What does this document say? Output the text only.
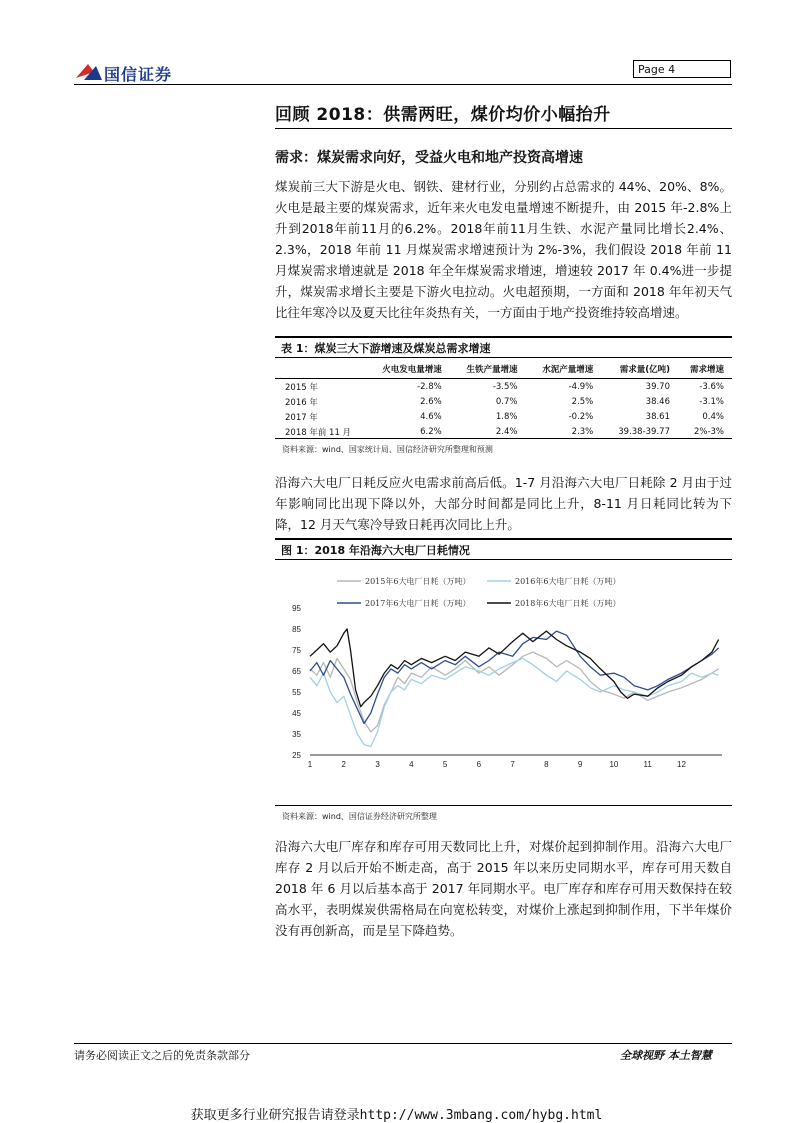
国信证券	Page 4
回顾 2018：供需两旺，煤价均价小幅抬升
需求：煤炭需求向好，受益火电和地产投资高增速
煤炭前三大下游是火电、钢铁、建材行业，分别约占总需求的 44%、20%、8%。火电是最主要的煤炭需求，近年来火电发电量增速不断提升，由 2015 年-2.8%上升到2018年前11月的6.2%。2018年前11月生铁、水泥产量同比增长2.4%、2.3%，2018 年前 11 月煤炭需求增速预计为 2%-3%，我们假设 2018 年前 11 月煤炭需求增速就是 2018 年全年煤炭需求增速，增速较 2017 年 0.4%进一步提升，煤炭需求增长主要是下游火电拉动。火电超预期，一方面和 2018 年年初天气比往年寒冷以及夏天比往年炎热有关，一方面由于地产投资维持较高增速。
表 1：煤炭三大下游增速及煤炭总需求增速
	火电发电量增速	生铁产量增速	水泥产量增速	需求量(亿吨)	需求增速
2015 年	-2.8%	-3.5%	-4.9%	39.70	-3.6%
2016 年	2.6%	0.7%	2.5%	38.46	-3.1%
2017 年	4.6%	1.8%	-0.2%	38.61	0.4%
2018 年前 11 月	6.2%	2.4%	2.3%	39.38-39.77	2%-3%
资料来源：wind、国家统计局、国信经济研究所整理和预测
沿海六大电厂日耗反应火电需求前高后低。1-7 月沿海六大电厂日耗除 2 月由于过年影响同比出现下降以外，大部分时间都是同比上升，8-11 月日耗同比转为下降，12 月天气寒冷导致日耗再次同比上升。
图 1：2018 年沿海六大电厂日耗情况
95
85
75
65
55
45
35
25
1	2	3	4	5	6	7	8	9	10	11	12
2015年6大电厂日耗（万吨）	2016年6大电厂日耗（万吨）
2017年6大电厂日耗（万吨）	2018年6大电厂日耗（万吨）
资料来源：wind、国信证券经济研究所整理
沿海六大电厂库存和库存可用天数同比上升，对煤价起到抑制作用。沿海六大电厂库存 2 月以后开始不断走高，高于 2015 年以来历史同期水平，库存可用天数自 2018 年 6 月以后基本高于 2017 年同期水平。电厂库存和库存可用天数保持在较高水平，表明煤炭供需格局在向宽松转变，对煤价上涨起到抑制作用，下半年煤价没有再创新高，而是呈下降趋势。
请务必阅读正文之后的免责条款部分	全球视野 本土智慧
获取更多行业研究报告请登录http://www.3mbang.com/hybg.html
